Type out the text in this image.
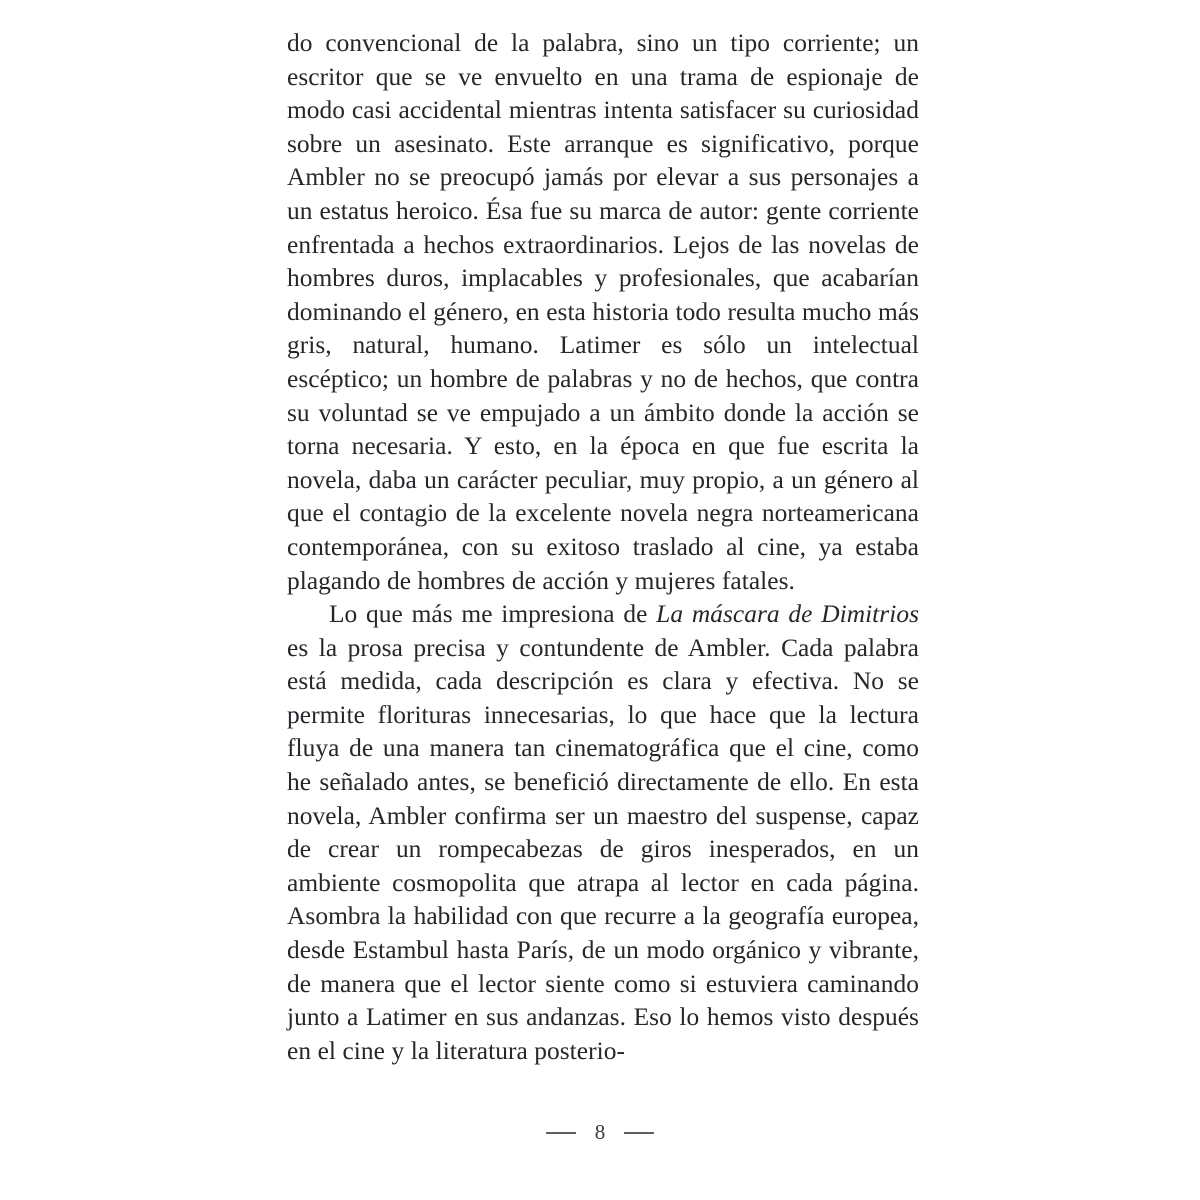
do convencional de la palabra, sino un tipo corriente; un escritor que se ve envuelto en una trama de espionaje de modo casi accidental mientras intenta satisfacer su curiosidad sobre un asesinato. Este arranque es significativo, porque Ambler no se preocupó jamás por elevar a sus personajes a un estatus heroico. Ésa fue su marca de autor: gente corriente enfrentada a hechos extraordinarios. Lejos de las novelas de hombres duros, implacables y profesionales, que acabarían dominando el género, en esta historia todo resulta mucho más gris, natural, humano. Latimer es sólo un intelectual escéptico; un hombre de palabras y no de hechos, que contra su voluntad se ve empujado a un ámbito donde la acción se torna necesaria. Y esto, en la época en que fue escrita la novela, daba un carácter peculiar, muy propio, a un género al que el contagio de la excelente novela negra norteamericana contemporánea, con su exitoso traslado al cine, ya estaba plagando de hombres de acción y mujeres fatales.

Lo que más me impresiona de La máscara de Dimitrios es la prosa precisa y contundente de Ambler. Cada palabra está medida, cada descripción es clara y efectiva. No se permite florituras innecesarias, lo que hace que la lectura fluya de una manera tan cinematográfica que el cine, como he señalado antes, se benefició directamente de ello. En esta novela, Ambler confirma ser un maestro del suspense, capaz de crear un rompecabezas de giros inesperados, en un ambiente cosmopolita que atrapa al lector en cada página. Asombra la habilidad con que recurre a la geografía europea, desde Estambul hasta París, de un modo orgánico y vibrante, de manera que el lector siente como si estuviera caminando junto a Latimer en sus andanzas. Eso lo hemos visto después en el cine y la literatura posterio-

8
